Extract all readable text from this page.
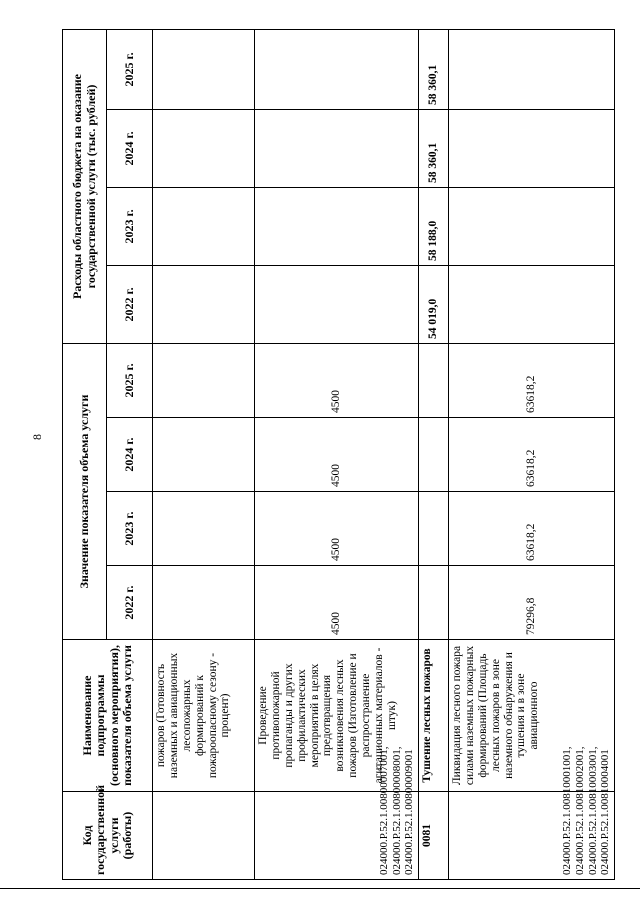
8
Код государственной услуги (работы)	Наименование подпрограммы (основного мероприятия), показателя объема услуги	Значение показателя объема услуги				Расходы областного бюджета на оказание государственной услуги (тыс. рублей)			
		2022 г.	2023 г.	2024 г.	2025 г.	2022 г.	2023 г.	2024 г.	2025 г.
	пожаров (Готовность наземных и авиационных лесопожарных формирований к пожароопасному сезону - процент)								
024000.Р.52.1.00800007001, 024000.Р.52.1.00800008001, 024000.Р.52.1.00800009001	Проведение противопожарной пропаганды и других профилактических мероприятий в целях предотвращения возникновения лесных пожаров (Изготовление и распространение агитационных материалов - штук)	4500	4500	4500	4500				
0081	Тушение лесных пожаров					54 019,0	58 188,0	58 360,1	58 360,1
024000.Р.52.1.00810001001, 024000.Р.52.1.00810002001, 024000.Р.52.1.00810003001, 024000.Р.52.1.00810004001	Ликвидация лесного пожара силами наземных пожарных формирований (Площадь лесных пожаров в зоне наземного обнаружения и тушения и в зоне авиационного	79296,8	63618,2	63618,2	63618,2				
